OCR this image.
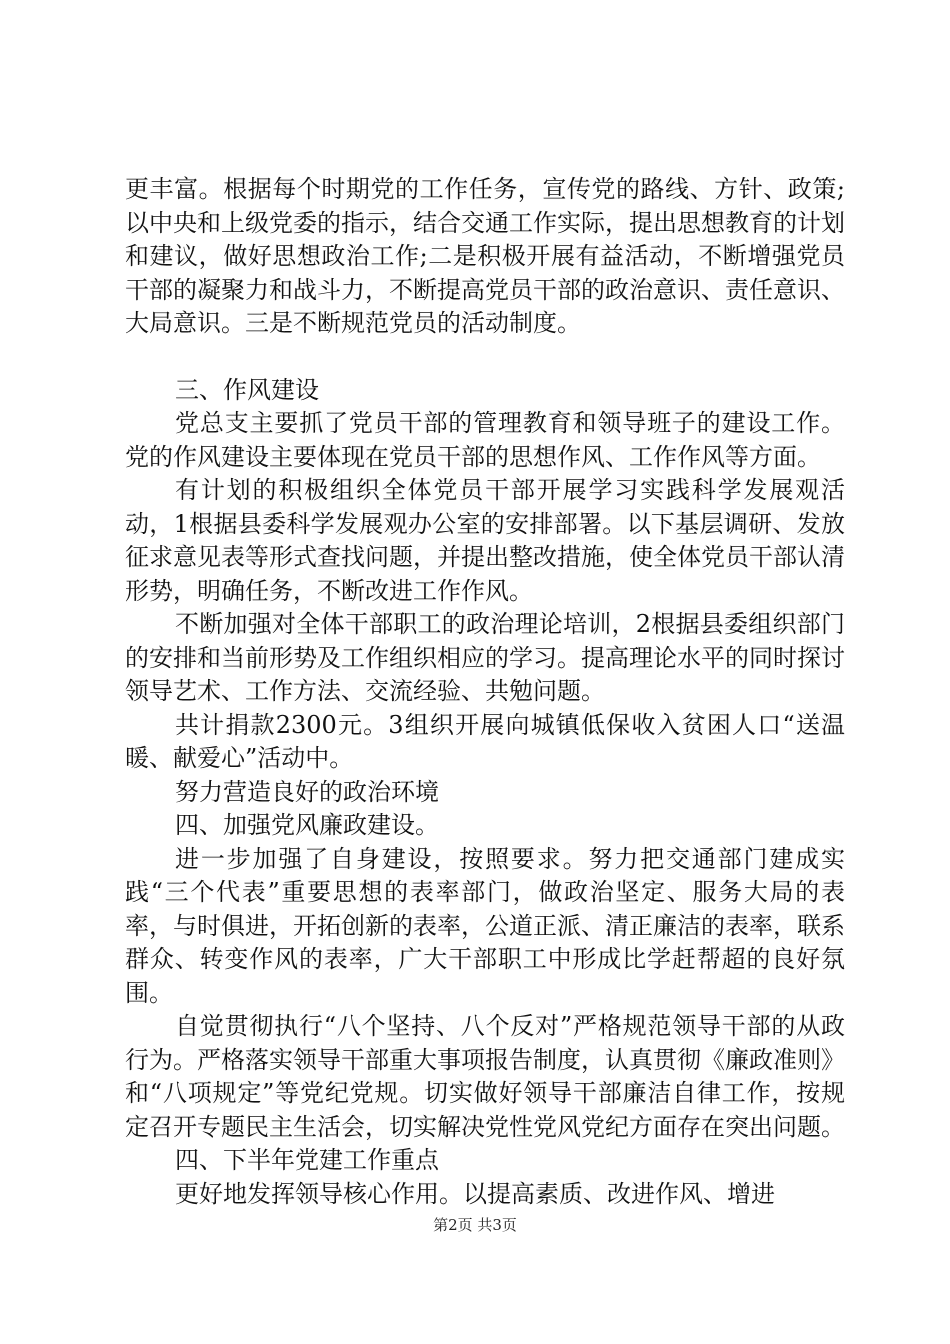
更丰富。根据每个时期党的工作任务，宣传党的路线、方针、政策;以中央和上级党委的指示，结合交通工作实际，提出思想教育的计划和建议，做好思想政治工作;二是积极开展有益活动，不断增强党员干部的凝聚力和战斗力，不断提高党员干部的政治意识、责任意识、大局意识。三是不断规范党员的活动制度。

三、作风建设

党总支主要抓了党员干部的管理教育和领导班子的建设工作。党的作风建设主要体现在党员干部的思想作风、工作作风等方面。

有计划的积极组织全体党员干部开展学习实践科学发展观活动，1根据县委科学发展观办公室的安排部署。以下基层调研、发放征求意见表等形式查找问题，并提出整改措施，使全体党员干部认清形势，明确任务，不断改进工作作风。

不断加强对全体干部职工的政治理论培训，2根据县委组织部门的安排和当前形势及工作组织相应的学习。提高理论水平的同时探讨领导艺术、工作方法、交流经验、共勉问题。

共计捐款2300元。3组织开展向城镇低保收入贫困人口“送温暖、献爱心”活动中。

努力营造良好的政治环境

四、加强党风廉政建设。

进一步加强了自身建设，按照要求。努力把交通部门建成实践“三个代表”重要思想的表率部门，做政治坚定、服务大局的表率，与时俱进，开拓创新的表率，公道正派、清正廉洁的表率，联系群众、转变作风的表率，广大干部职工中形成比学赶帮超的良好氛围。

自觉贯彻执行“八个坚持、八个反对”严格规范领导干部的从政行为。严格落实领导干部重大事项报告制度，认真贯彻《廉政准则》和“八项规定”等党纪党规。切实做好领导干部廉洁自律工作，按规定召开专题民主生活会，切实解决党性党风党纪方面存在突出问题。

四、下半年党建工作重点

更好地发挥领导核心作用。以提高素质、改进作风、增进

第2页 共3页
